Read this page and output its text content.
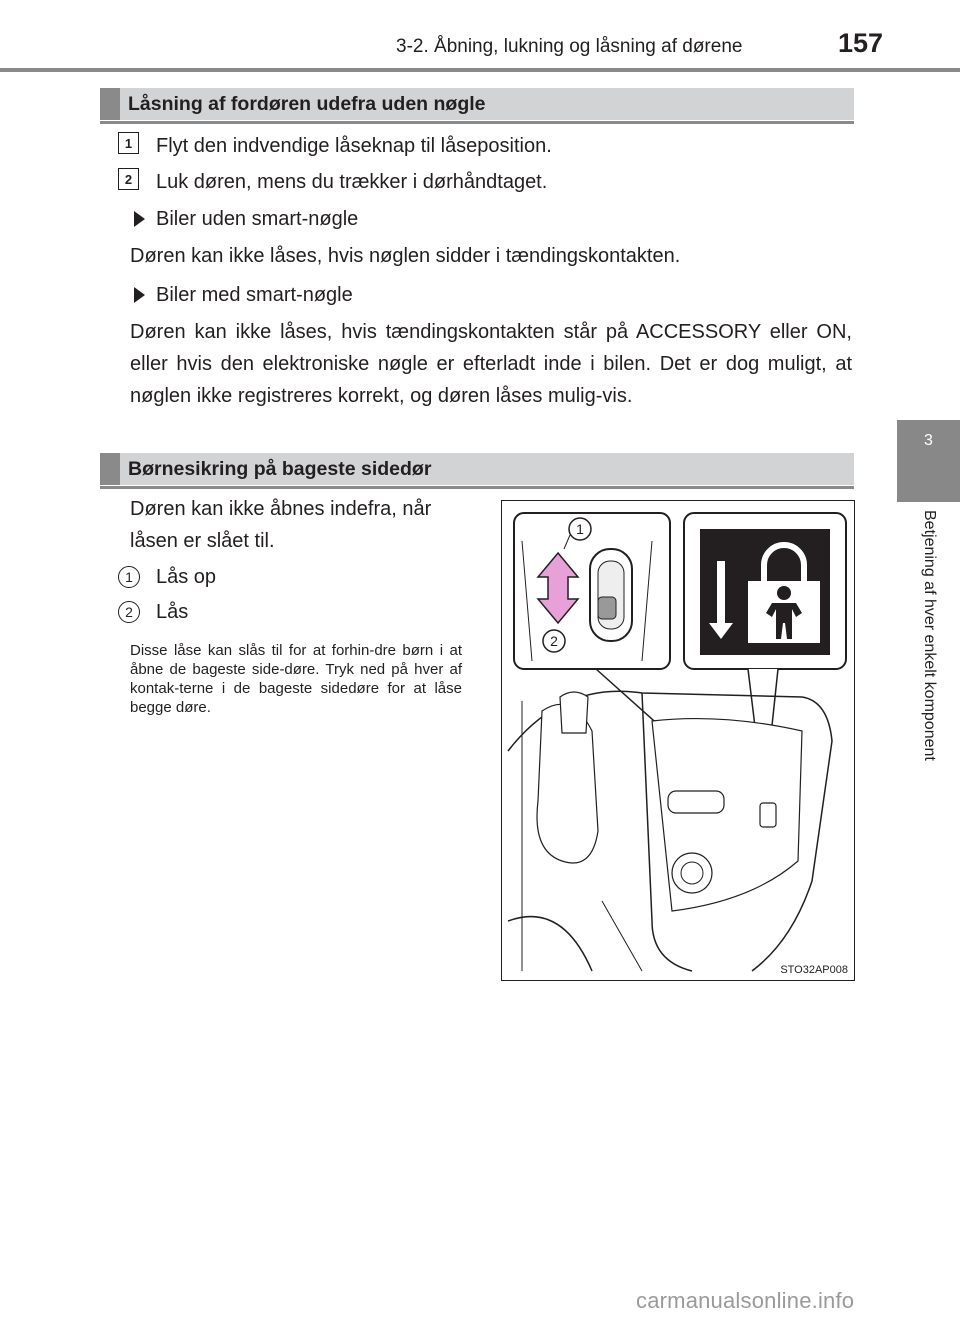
3-2. Åbning, lukning og låsning af dørene	157
3
Betjening af hver enkelt komponent
Låsning af fordøren udefra uden nøgle
1	Flyt den indvendige låseknap til låseposition.
2	Luk døren, mens du trækker i dørhåndtaget.
Biler uden smart-nøgle
Døren kan ikke låses, hvis nøglen sidder i tændingskontakten.
Biler med smart-nøgle
Døren kan ikke låses, hvis tændingskontakten står på ACCESSORY eller ON, eller hvis den elektroniske nøgle er efterladt inde i bilen. Det er dog muligt, at nøglen ikke registreres korrekt, og døren låses mulig-vis.
Børnesikring på bageste sidedør
Døren kan ikke åbnes indefra, når
låsen er slået til.
1	Lås op
2	Lås
Disse låse kan slås til for at forhin-dre børn i at åbne de bageste side-døre. Tryk ned på hver af kontak-terne i de bageste sidedøre for at låse begge døre.
1
2
STO32AP008
carmanualsonline.info
